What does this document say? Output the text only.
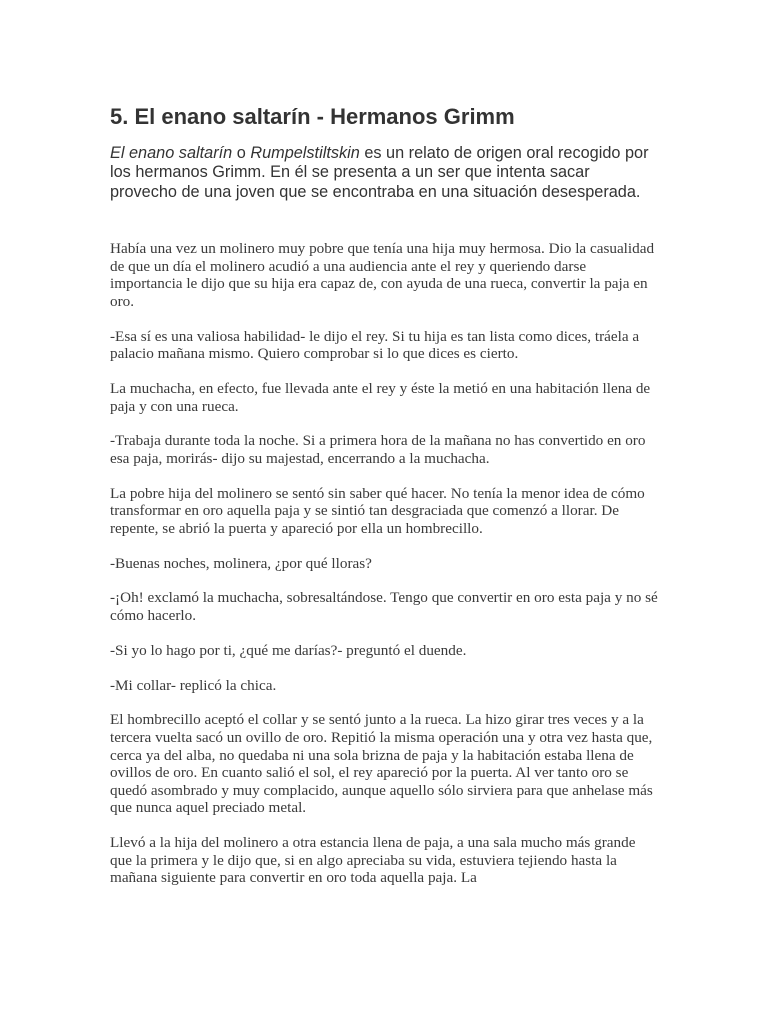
5. El enano saltarín - Hermanos Grimm

El enano saltarín o Rumpelstiltskin es un relato de origen oral recogido por los hermanos Grimm. En él se presenta a un ser que intenta sacar provecho de una joven que se encontraba en una situación desesperada.

Había una vez un molinero muy pobre que tenía una hija muy hermosa. Dio la casualidad de que un día el molinero acudió a una audiencia ante el rey y queriendo darse importancia le dijo que su hija era capaz de, con ayuda de una rueca, convertir la paja en oro.

-Esa sí es una valiosa habilidad- le dijo el rey. Si tu hija es tan lista como dices, tráela a palacio mañana mismo. Quiero comprobar si lo que dices es cierto.

La muchacha, en efecto, fue llevada ante el rey y éste la metió en una habitación llena de paja y con una rueca.

-Trabaja durante toda la noche. Si a primera hora de la mañana no has convertido en oro esa paja, morirás- dijo su majestad, encerrando a la muchacha.

La pobre hija del molinero se sentó sin saber qué hacer. No tenía la menor idea de cómo transformar en oro aquella paja y se sintió tan desgraciada que comenzó a llorar. De repente, se abrió la puerta y apareció por ella un hombrecillo.

-Buenas noches, molinera, ¿por qué lloras?

-¡Oh! exclamó la muchacha, sobresaltándose. Tengo que convertir en oro esta paja y no sé cómo hacerlo.

-Si yo lo hago por ti, ¿qué me darías?- preguntó el duende.

-Mi collar- replicó la chica.

El hombrecillo aceptó el collar y se sentó junto a la rueca. La hizo girar tres veces y a la tercera vuelta sacó un ovillo de oro. Repitió la misma operación una y otra vez hasta que, cerca ya del alba, no quedaba ni una sola brizna de paja y la habitación estaba llena de ovillos de oro. En cuanto salió el sol, el rey apareció por la puerta. Al ver tanto oro se quedó asombrado y muy complacido, aunque aquello sólo sirviera para que anhelase más que nunca aquel preciado metal.

Llevó a la hija del molinero a otra estancia llena de paja, a una sala mucho más grande que la primera y le dijo que, si en algo apreciaba su vida, estuviera tejiendo hasta la mañana siguiente para convertir en oro toda aquella paja. La
